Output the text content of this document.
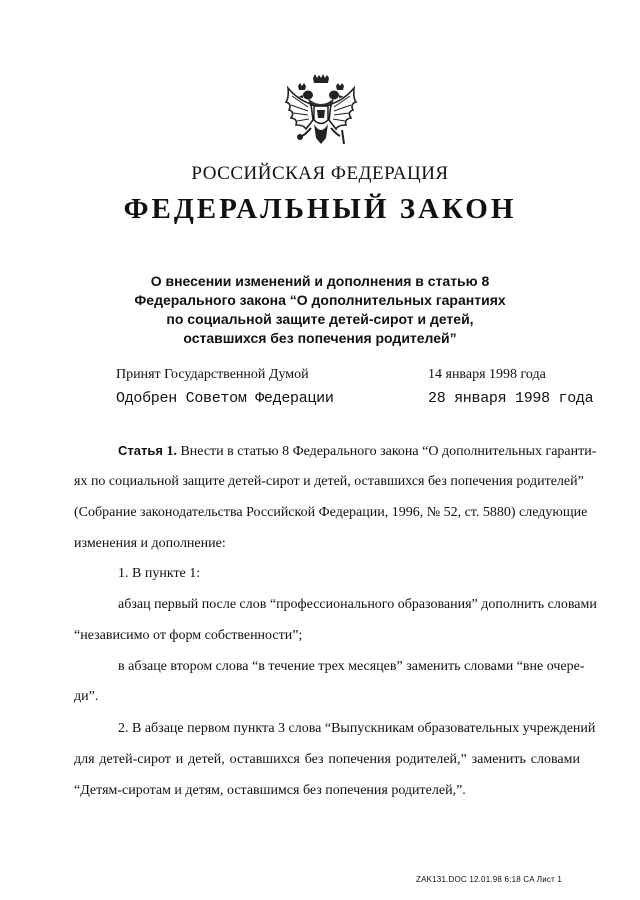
РОССИЙСКАЯ ФЕДЕРАЦИЯ
ФЕДЕРАЛЬНЫЙ ЗАКОН
О внесении изменений и дополнения в статью 8
Федерального закона “О дополнительных гарантиях
по социальной защите детей-сирот и детей,
оставшихся без попечения родителей”
Принят Государственной Думой	14 января 1998 года
Одобрен Советом Федерации	28 января 1998 года
Статья 1. Внести в статью 8 Федерального закона “О дополнительных гаранти-
ях по социальной защите детей-сирот и детей, оставшихся без попечения родителей”
(Собрание законодательства Российской Федерации, 1996, № 52, ст. 5880) следующие
изменения и дополнение:
1. В пункте 1:
абзац первый после слов “профессионального образования” дополнить словами
“независимо от форм собственности”;
в абзаце втором слова “в течение трех месяцев” заменить словами “вне очере-
ди”.
2. В абзаце первом пункта 3 слова “Выпускникам образовательных учреждений
для детей-сирот и детей, оставшихся без попечения родителей,” заменить словами
“Детям-сиротам и детям, оставшимся без попечения родителей,”.
ZAK131.DOC 12.01.98 6:18 CA Лист 1
